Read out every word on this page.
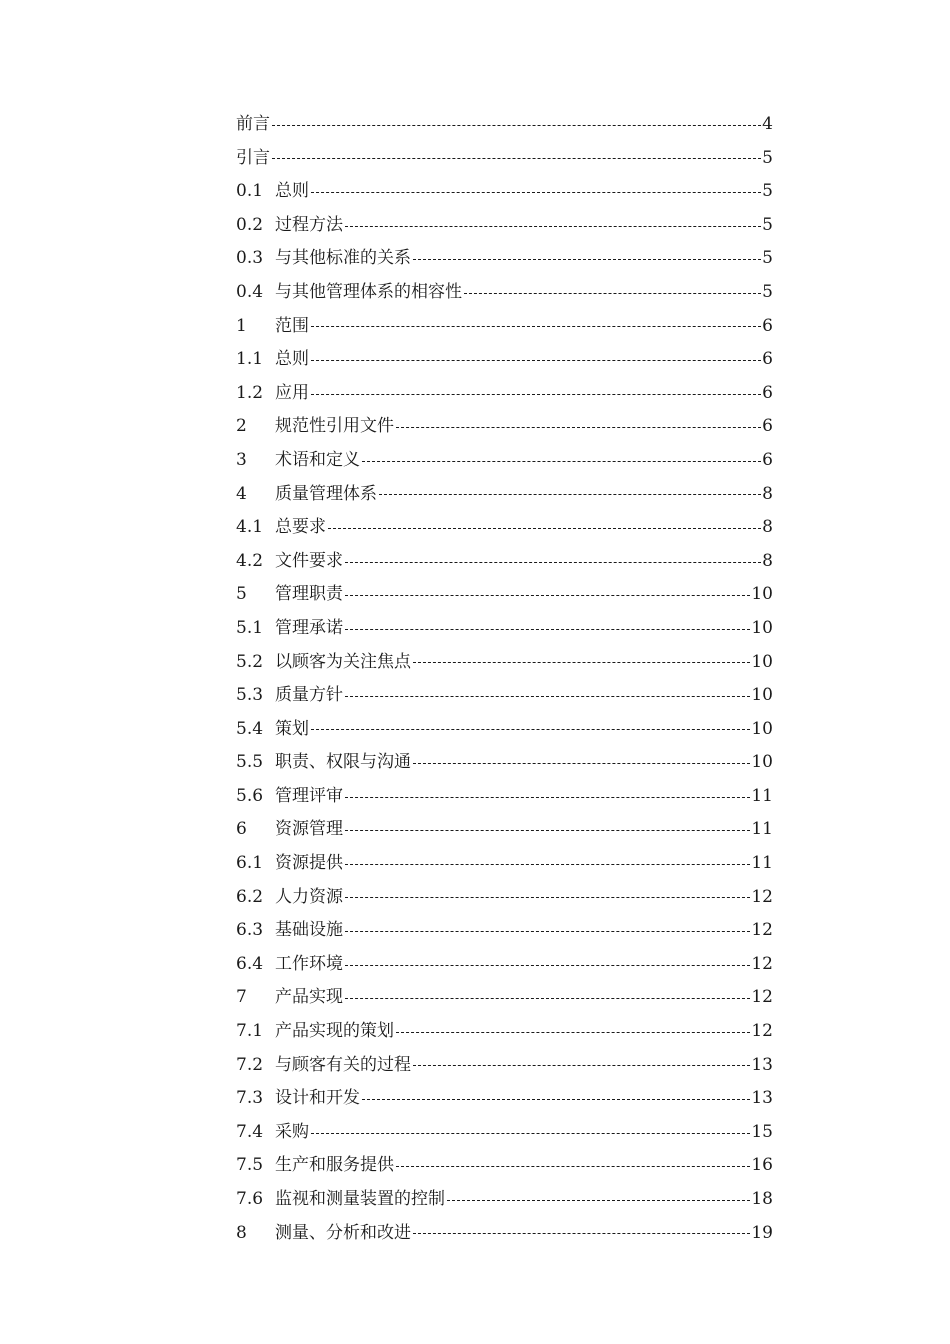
前言	4
引言	5
0.1 总则	5
0.2 过程方法	5
0.3 与其他标准的关系	5
0.4 与其他管理体系的相容性	5
1	范围	6
1.1 总则	6
1.2 应用	6
2	规范性引用文件	6
3	术语和定义	6
4	质量管理体系	8
4.1 总要求	8
4.2 文件要求	8
5	管理职责	10
5.1 管理承诺	10
5.2 以顾客为关注焦点	10
5.3 质量方针	10
5.4 策划	10
5.5 职责、权限与沟通	10
5.6 管理评审	11
6	资源管理	11
6.1 资源提供	11
6.2 人力资源	12
6.3 基础设施	12
6.4 工作环境	12
7	产品实现	12
7.1 产品实现的策划	12
7.2 与顾客有关的过程	13
7.3 设计和开发	13
7.4 采购	15
7.5 生产和服务提供	16
7.6 监视和测量装置的控制	18
8	测量、分析和改进	19
